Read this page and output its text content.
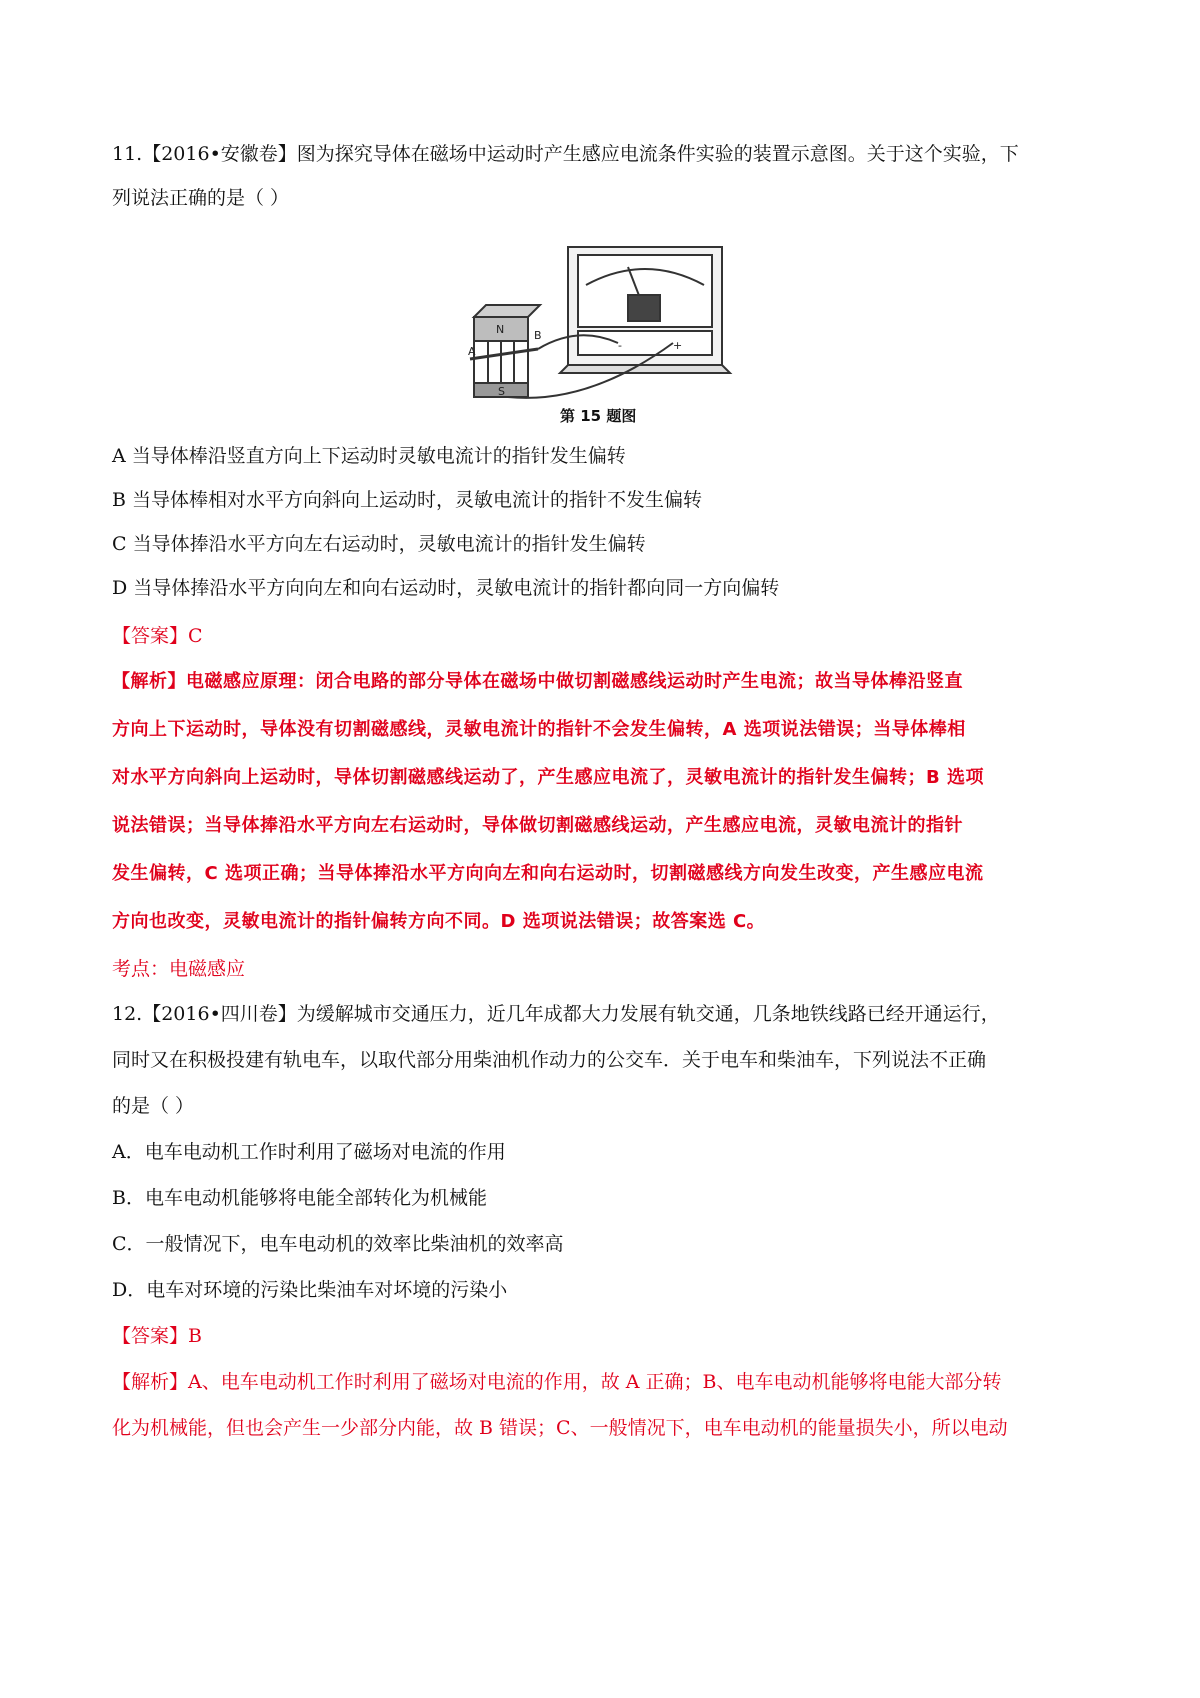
11.【2016•安徽卷】图为探究导体在磁场中运动时产生感应电流条件实验的装置示意图。关于这个实验，下
列说法正确的是（ ）
N
S
A
B
-	+
第 15 题图
A 当导体棒沿竖直方向上下运动时灵敏电流计的指针发生偏转
B 当导体棒相对水平方向斜向上运动时，灵敏电流计的指针不发生偏转
C 当导体捧沿水平方向左右运动时，灵敏电流计的指针发生偏转
D 当导体捧沿水平方向向左和向右运动时，灵敏电流计的指针都向同一方向偏转
【答案】C
【解析】电磁感应原理：闭合电路的部分导体在磁场中做切割磁感线运动时产生电流；故当导体棒沿竖直
方向上下运动时，导体没有切割磁感线，灵敏电流计的指针不会发生偏转，A 选项说法错误；当导体棒相
对水平方向斜向上运动时，导体切割磁感线运动了，产生感应电流了，灵敏电流计的指针发生偏转；B 选项
说法错误；当导体捧沿水平方向左右运动时，导体做切割磁感线运动，产生感应电流，灵敏电流计的指针
发生偏转，C 选项正确；当导体捧沿水平方向向左和向右运动时，切割磁感线方向发生改变，产生感应电流
方向也改变，灵敏电流计的指针偏转方向不同。D 选项说法错误；故答案选 C。
考点：电磁感应
12.【2016•四川卷】为缓解城市交通压力，近几年成都大力发展有轨交通，几条地铁线路已经开通运行，
同时又在积极投建有轨电车，以取代部分用柴油机作动力的公交车．关于电车和柴油车，下列说法不正确
的是（ ）
A．电车电动机工作时利用了磁场对电流的作用
B．电车电动机能够将电能全部转化为机械能
C．一般情况下，电车电动机的效率比柴油机的效率高
D．电车对环境的污染比柴油车对坏境的污染小
【答案】B
【解析】A、电车电动机工作时利用了磁场对电流的作用，故 A 正确；B、电车电动机能够将电能大部分转
化为机械能，但也会产生一少部分内能，故 B 错误；C、一般情况下，电车电动机的能量损失小，所以电动
